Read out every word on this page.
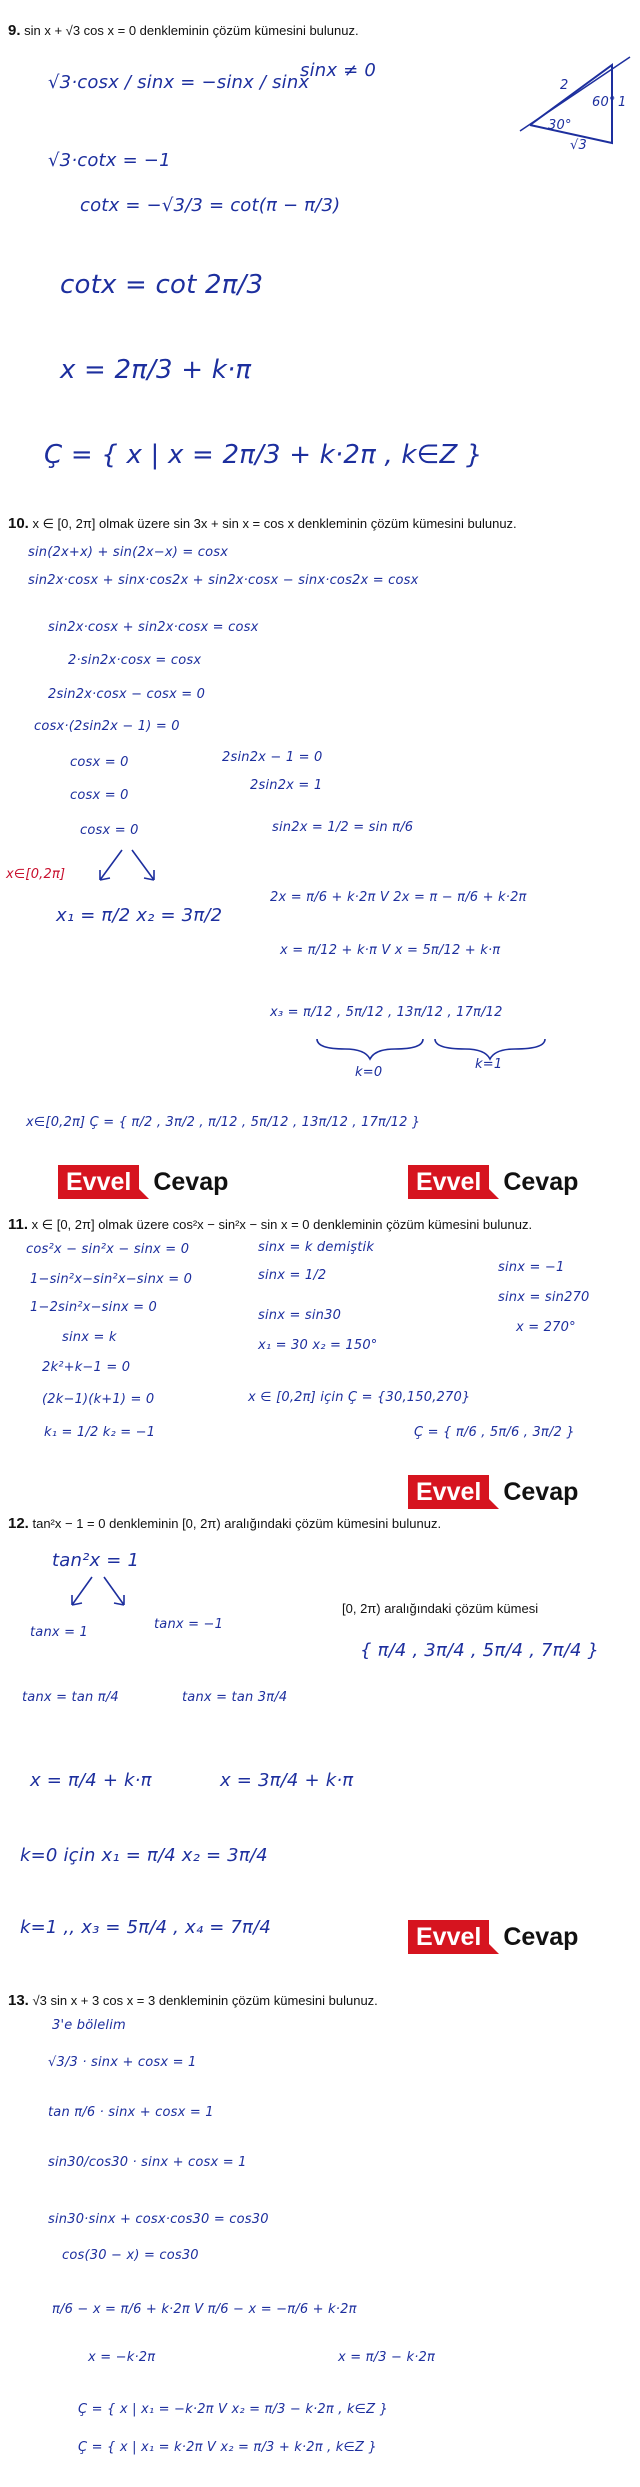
9. sin x + √3 cos x = 0 denkleminin çözüm kümesini bulunuz.
√3·cosx / sinx = −sinx / sinx
sinx ≠ 0
√3·cotx = −1
cotx = −√3/3 = cot(π − π/3)
cotx = cot 2π/3
x = 2π/3 + k·π
Ç = { x | x = 2π/3 + k·2π , k∈Z }
2
1
√3
30°
60°
10. x ∈ [0, 2π] olmak üzere sin 3x + sin x = cos x denkleminin çözüm kümesini bulunuz.
sin(2x+x) + sin(2x−x) = cosx
sin2x·cosx + sinx·cos2x + sin2x·cosx − sinx·cos2x = cosx
sin2x·cosx + sin2x·cosx = cosx
2·sin2x·cosx = cosx
2sin2x·cosx − cosx = 0
cosx·(2sin2x − 1) = 0
cosx = 0
cosx = 0
cosx = 0
2sin2x − 1 = 0
2sin2x = 1
sin2x = 1/2 = sin π/6
x∈[0,2π]
x₁ = π/2 x₂ = 3π/2
2x = π/6 + k·2π V 2x = π − π/6 + k·2π
x = π/12 + k·π V x = 5π/12 + k·π
x₃ = π/12 , 5π/12 , 13π/12 , 17π/12
k=0
k=1
x∈[0,2π] Ç = { π/2 , 3π/2 , π/12 , 5π/12 , 13π/12 , 17π/12 }
Evvel Cevap	Evvel Cevap
11. x ∈ [0, 2π] olmak üzere cos²x − sin²x − sin x = 0 denkleminin çözüm kümesini bulunuz.
cos²x − sin²x − sinx = 0
1−sin²x−sin²x−sinx = 0
1−2sin²x−sinx = 0
sinx = k
2k²+k−1 = 0
(2k−1)(k+1) = 0
k₁ = 1/2 k₂ = −1
sinx = k demiştik
sinx = 1/2
sinx = sin30
x₁ = 30 x₂ = 150°
sinx = −1
sinx = sin270
x = 270°
x ∈ [0,2π] için Ç = {30,150,270}
Ç = { π/6 , 5π/6 , 3π/2 }
Evvel Cevap
12. tan²x − 1 = 0 denkleminin [0, 2π) aralığındaki çözüm kümesini bulunuz.
tan²x = 1
tanx = 1
tanx = −1
tanx = tan π/4	tanx = tan 3π/4
x = π/4 + k·π	x = 3π/4 + k·π
k=0 için x₁ = π/4 x₂ = 3π/4
k=1 ,, x₃ = 5π/4 , x₄ = 7π/4
[0, 2π) aralığındaki çözüm kümesi
{ π/4 , 3π/4 , 5π/4 , 7π/4 }
Evvel Cevap
13. √3 sin x + 3 cos x = 3 denkleminin çözüm kümesini bulunuz.
3'e bölelim
√3/3 · sinx + cosx = 1
tan π/6 · sinx + cosx = 1
sin30/cos30 · sinx + cosx = 1
sin30·sinx + cosx·cos30 = cos30
cos(30 − x) = cos30
π/6 − x = π/6 + k·2π V π/6 − x = −π/6 + k·2π
x = −k·2π	x = π/3 − k·2π
Ç = { x | x₁ = −k·2π V x₂ = π/3 − k·2π , k∈Z }
Ç = { x | x₁ = k·2π V x₂ = π/3 + k·2π , k∈Z }
